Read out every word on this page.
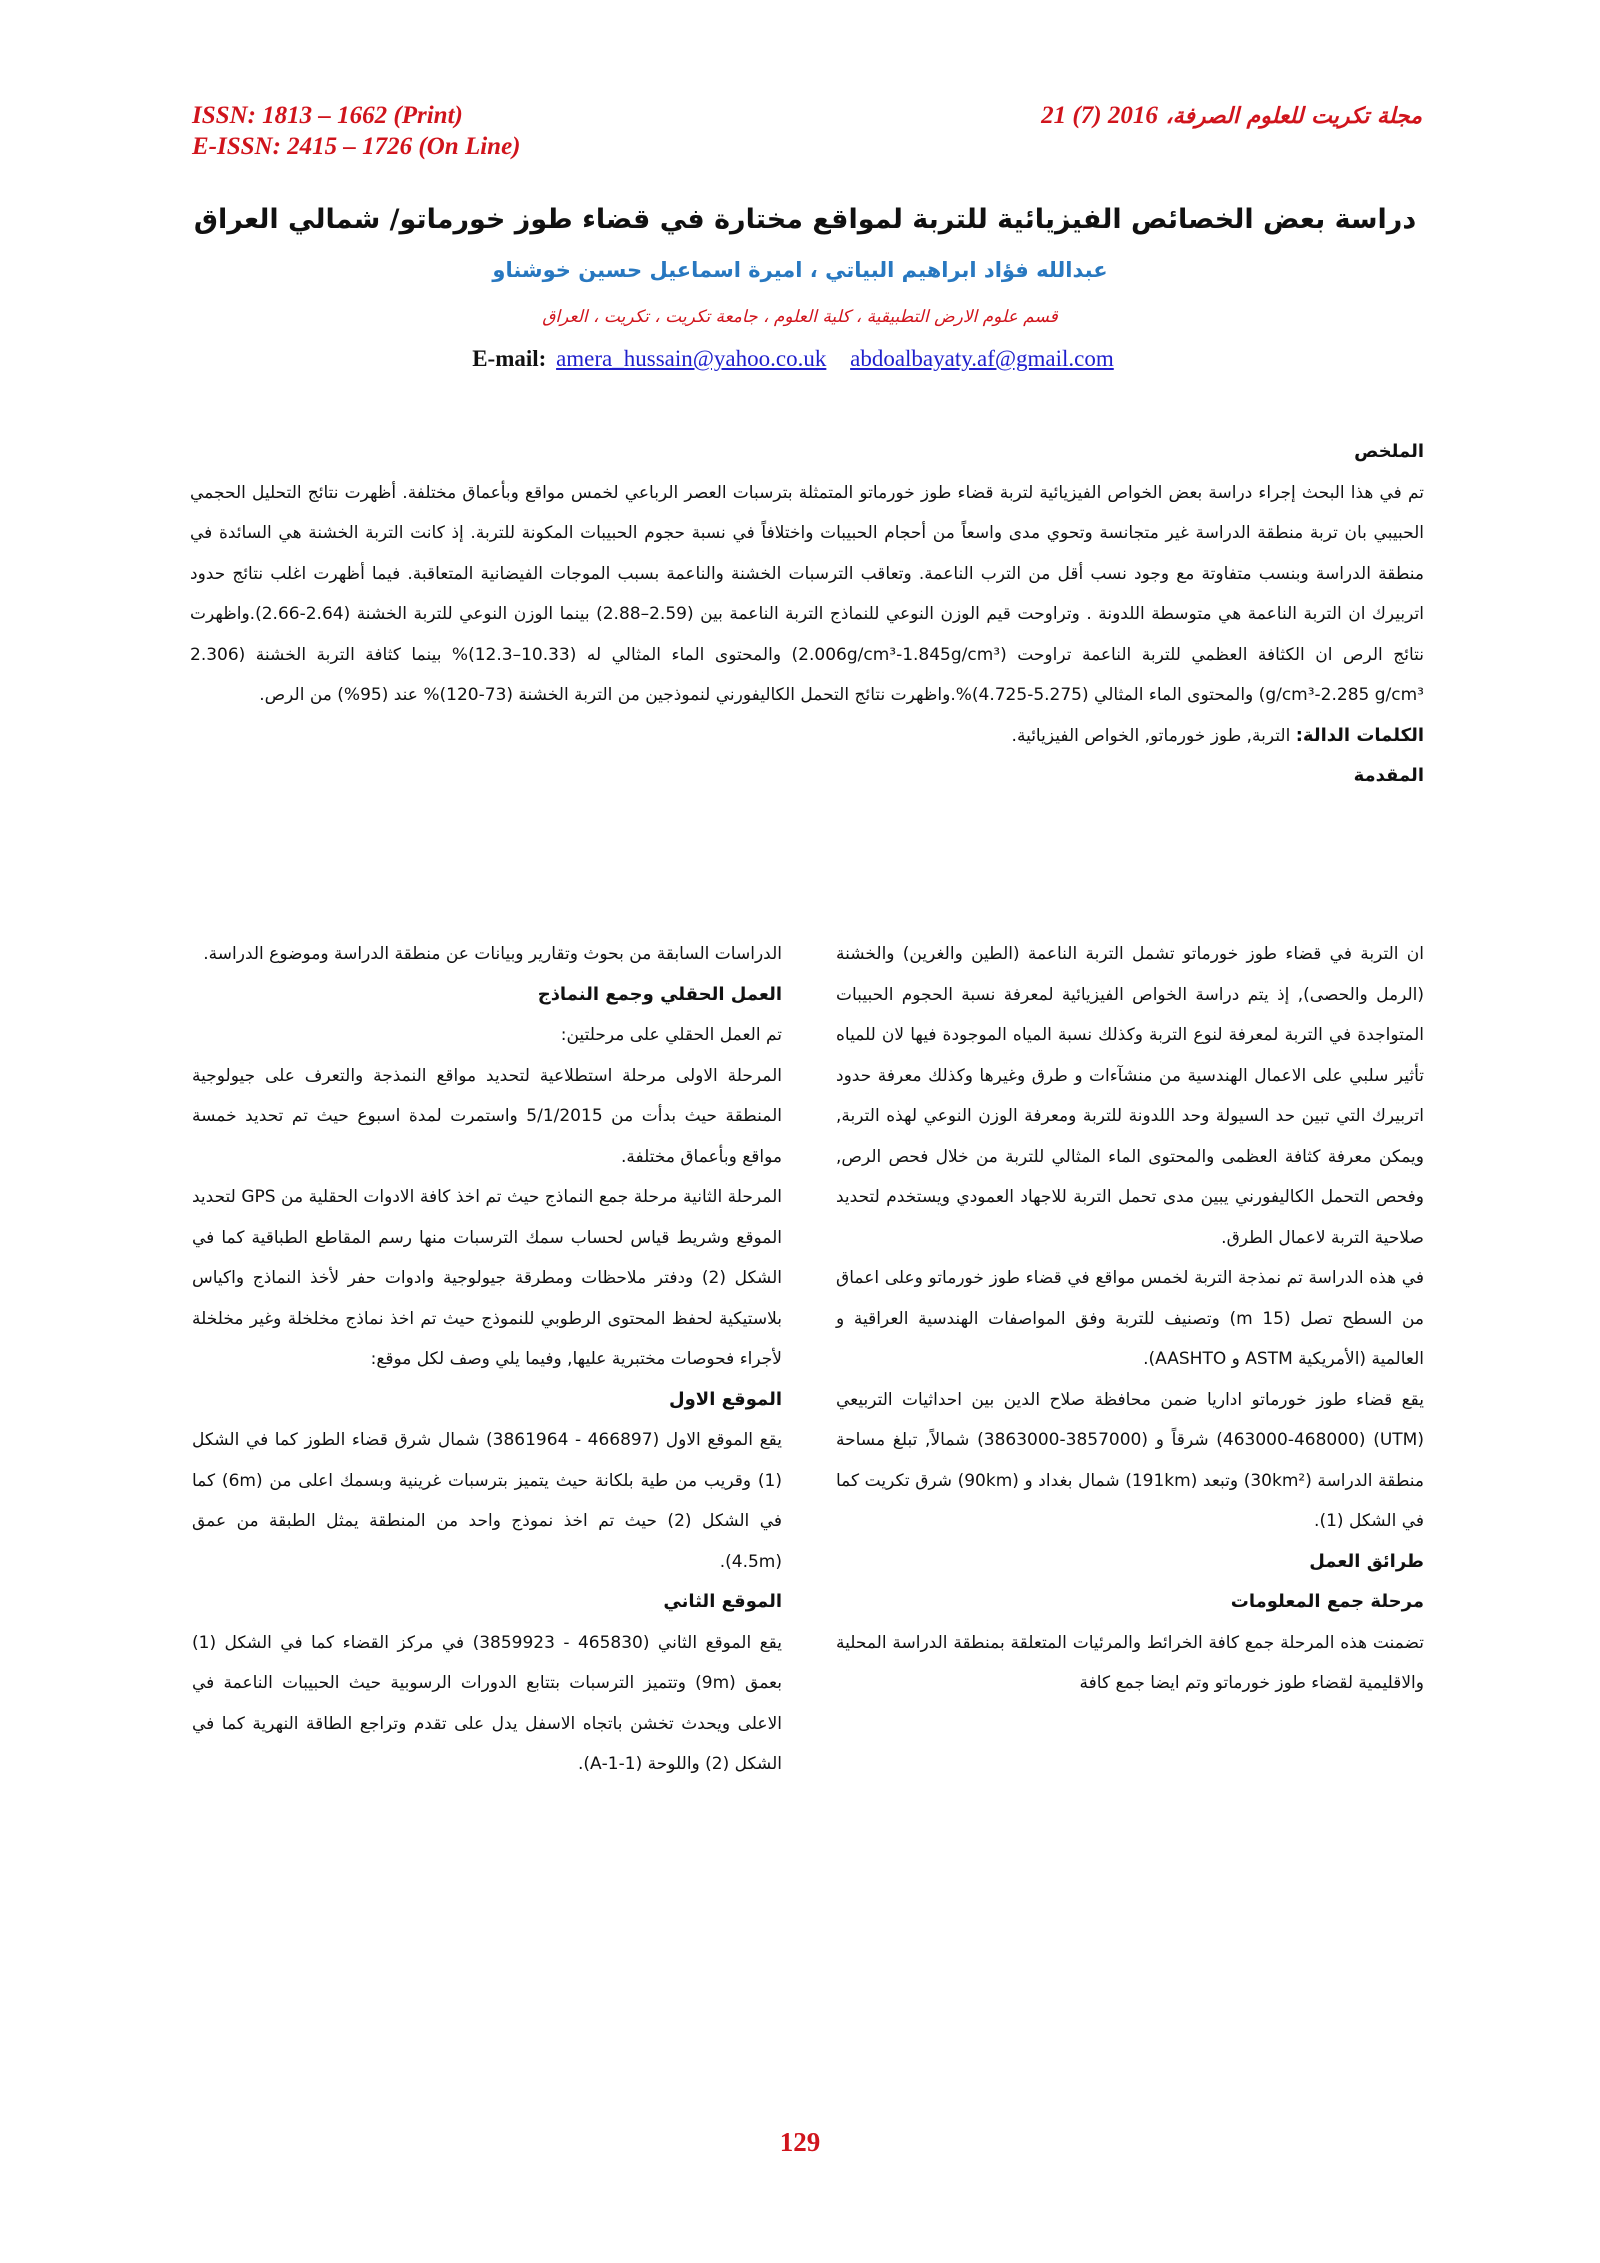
ISSN: 1813 – 1662 (Print)
E-ISSN: 2415 – 1726 (On Line)
مجلة تكريت للعلوم الصرفة، 21 (7) 2016
دراسة بعض الخصائص الفيزيائية للتربة لمواقع مختارة في قضاء طوز خورماتو/ شمالي العراق
عبدالله فؤاد ابراهيم البياتي ، اميرة اسماعيل حسين خوشناو
قسم علوم الارض التطبيقية ، كلية العلوم ، جامعة تكريت ، تكريت ، العراق
E-mail: amera_hussain@yahoo.co.uk abdoalbayaty.af@gmail.com
الملخص

تم في هذا البحث إجراء دراسة بعض الخواص الفيزيائية لتربة قضاء طوز خورماتو المتمثلة بترسبات العصر الرباعي لخمس مواقع وبأعماق مختلفة. أظهرت نتائج التحليل الحجمي الحبيبي بان تربة منطقة الدراسة غير متجانسة وتحوي مدى واسعاً من أحجام الحبيبات واختلافاً في نسبة حجوم الحبيبات المكونة للتربة. إذ كانت التربة الخشنة هي السائدة في منطقة الدراسة وبنسب متفاوتة مع وجود نسب أقل من الترب الناعمة. وتعاقب الترسبات الخشنة والناعمة بسبب الموجات الفيضانية المتعاقبة. فيما أظهرت اغلب نتائج حدود اتربيرك ان التربة الناعمة هي متوسطة اللدونة . وتراوحت قيم الوزن النوعي للنماذج التربة الناعمة بين (2.59–2.88) بينما الوزن النوعي للتربة الخشنة (2.64-2.66).واظهرت نتائج الرص ان الكثافة العظمي للتربة الناعمة تراوحت (2.006g/cm³-1.845g/cm³) والمحتوى الماء المثالي له (10.33–12.3)% بينما كثافة التربة الخشنة (2.306 g/cm³-2.285 g/cm³) والمحتوى الماء المثالي (5.275-4.725)%.واظهرت نتائج التحمل الكاليفورني لنموذجين من التربة الخشنة (73-120)% عند (95%) من الرص.

الكلمات الدالة: التربة, طوز خورماتو, الخواص الفيزيائية.
المقدمة

ان التربة في قضاء طوز خورماتو تشمل التربة الناعمة (الطين والغرين) والخشنة (الرمل والحصى), إذ يتم دراسة الخواص الفيزيائية لمعرفة نسبة الحجوم الحبيبات المتواجدة في التربة لمعرفة لنوع التربة وكذلك نسبة المياه الموجودة فيها لان للمياه تأثير سلبي على الاعمال الهندسية من منشآءات و طرق وغيرها وكذلك معرفة حدود اتربيرك التي تبين حد السيولة وحد اللدونة للتربة ومعرفة الوزن النوعي لهذه التربة, ويمكن معرفة كثافة العظمى والمحتوى الماء المثالي للتربة من خلال فحص الرص, وفحص التحمل الكاليفورني يبين مدى تحمل التربة للاجهاد العمودي ويستخدم لتحديد صلاحية التربة لاعمال الطرق.

في هذه الدراسة تم نمذجة التربة لخمس مواقع في قضاء طوز خورماتو وعلى اعماق من السطح تصل (15 m) وتصنيف للتربة وفق المواصفات الهندسية العراقية و العالمية (الأمريكية ASTM و AASHTO).

يقع قضاء طوز خورماتو اداريا ضمن محافظة صلاح الدين بين احداثيات التربيعي (UTM) (463000-468000) شرقاً و (3857000-3863000) شمالاً, تبلغ مساحة منطقة الدراسة (30km²) وتبعد (191km) شمال بغداد و (90km) شرق تكريت كما في الشكل (1).

طرائق العمل
مرحلة جمع المعلومات

تضمنت هذه المرحلة جمع كافة الخرائط والمرئيات المتعلقة بمنطقة الدراسة المحلية والاقليمية لقضاء طوز خورماتو وتم ايضا جمع كافة

الدراسات السابقة من بحوث وتقارير وبيانات عن منطقة الدراسة وموضوع الدراسة.

العمل الحقلي وجمع النماذج

تم العمل الحقلي على مرحلتين:

المرحلة الاولى مرحلة استطلاعية لتحديد مواقع النمذجة والتعرف على جيولوجية المنطقة حيث بدأت من 5/1/2015 واستمرت لمدة اسبوع حيث تم تحديد خمسة مواقع وبأعماق مختلفة.

المرحلة الثانية مرحلة جمع النماذج حيث تم اخذ كافة الادوات الحقلية من GPS لتحديد الموقع وشريط قياس لحساب سمك الترسبات منها رسم المقاطع الطباقية كما في الشكل (2) ودفتر ملاحظات ومطرقة جيولوجية وادوات حفر لأخذ النماذج واكياس بلاستيكية لحفظ المحتوى الرطوبي للنموذج حيث تم اخذ نماذج مخلخلة وغير مخلخلة لأجراء فحوصات مختبرية عليها, وفيما يلي وصف لكل موقع:

الموقع الاول

يقع الموقع الاول (466897 - 3861964) شمال شرق قضاء الطوز كما في الشكل (1) وقريب من طية بلكانة حيث يتميز بترسبات غرينية وبسمك اعلى من (6m) كما في الشكل (2) حيث تم اخذ نموذج واحد من المنطقة يمثل الطبقة من عمق (4.5m).

الموقع الثاني

يقع الموقع الثاني (465830 - 3859923) في مركز القضاء كما في الشكل (1) بعمق (9m) وتتميز الترسبات بتتابع الدورات الرسوبية حيث الحبيبات الناعمة في الاعلى ويحدث تخشن باتجاه الاسفل يدل على تقدم وتراجع الطاقة النهرية كما في الشكل (2) واللوحة (1-1-A).

129
